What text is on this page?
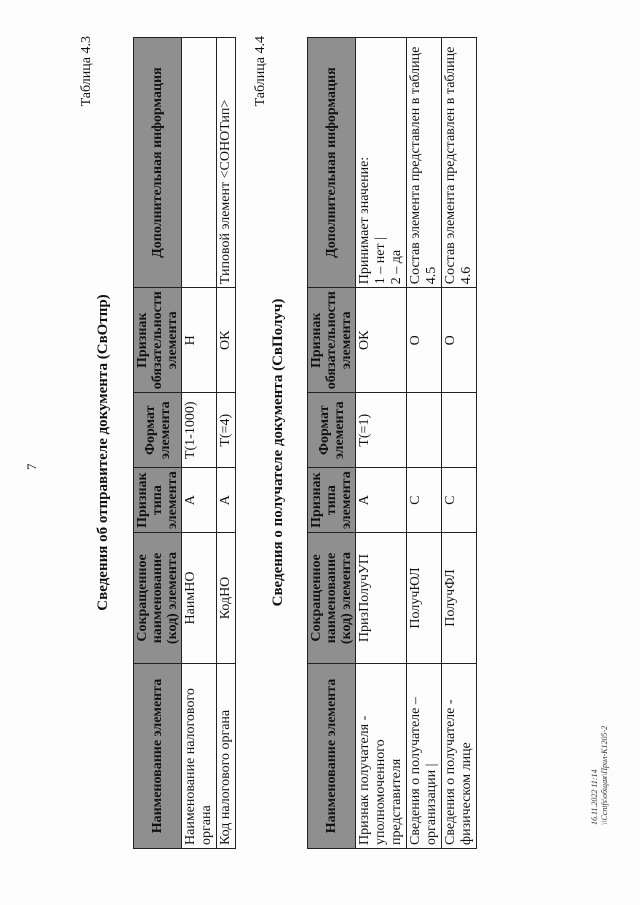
7
Таблица 4.3
Сведения об отправителе документа (СвОтпр)
Наименование элемента	Сокращенное наименование (код) элемента	Признак типа элемента	Формат элемента	Признак обязательности элемента	Дополнительная информация
Наименование налогового органа	НаимНО	А	T(1-1000)	Н	
Код налогового органа	КодНО	А	T(=4)	ОК	Типовой элемент <СОНОТип>
Таблица 4.4
Сведения о получателе документа (СвПолуч)
Наименование элемента	Сокращенное наименование (код) элемента	Признак типа элемента	Формат элемента	Признак обязательности элемента	Дополнительная информация
Признак получателя - уполномоченного представителя	ПризПолучУП	А	T(=1)	ОК	Принимает значение: 1 – нет | 2 – да

Сведения о получателе – организации |	ПолучЮЛ	С		О	Состав элемента представлен в таблице 4.5
Сведения о получателе - физическом лице	ПолучФЛ	С		О	Состав элемента представлен в таблице 4.6
16.11.2022 11:14 \\Ccntfs\общая\Прил-К1205-2
